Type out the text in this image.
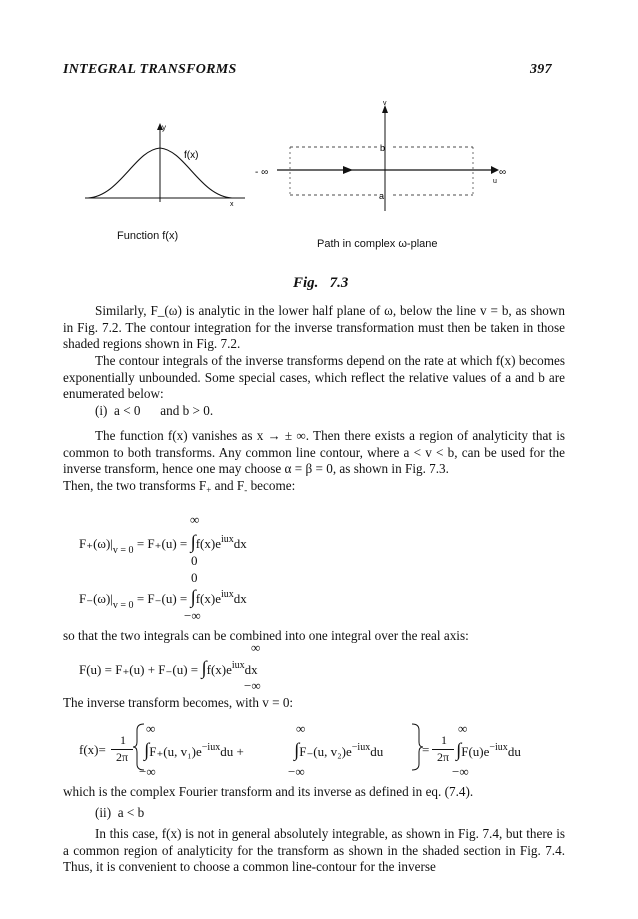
INTEGRAL TRANSFORMS	397
y
f(x)
x
Function f(x)
v
- ∞	∞
u
b
a
Path in complex ω-plane
Fig.   7.3
Similarly, F_(ω) is analytic in the lower half plane of ω, below the line v = b, as shown in Fig. 7.2. The contour integration for the inverse transformation must then be taken in those shaded regions shown in Fig. 7.2.
The contour integrals of the inverse transforms depend on the rate at which f(x) becomes exponentially unbounded. Some special cases, which reflect the relative values of a and b are enumerated below:
(i)  a < 0      and b > 0.
The function f(x) vanishes as x → ± ∞. Then there exists a region of analyticity that is common to both transforms. Any common line contour, where a < v < b, can be used for the inverse transform, hence one may choose α = β = 0, as shown in Fig. 7.3.
Then, the two transforms $F_+$ and $F_-$ become:
∞
$F_+(\omega)|_{v = 0} = F_+(u) = \int f(x)e^{iux}dx$
0
0
$F_-(\omega)|_{v = 0} = F_-(u) = \int f(x)e^{iux}dx$
−∞
so that the two integrals can be combined into one integral over the real axis:
∞
$F(u) = F_+(u) + F_-(u) = \int f(x)e^{iux}dx$
−∞
The inverse transform becomes, with v = 0:
∞	∞	∞
f(x)=
1
2π ∫F₊(u, $v_1)e^{-iux}du$ +	∫F₋(u, $v_2)e^{-iux}du$	=
1
2π $\int F(u)e^{-iux}du$
−∞	−∞	−∞
which is the complex Fourier transform and its inverse as defined in eq. (7.4).
(ii)  a < b
In this case, f(x) is not in general absolutely integrable, as shown in Fig. 7.4, but there is a common region of analyticity for the transform as shown in the shaded section in Fig. 7.4. Thus, it is convenient to choose a common line-contour for the inverse
